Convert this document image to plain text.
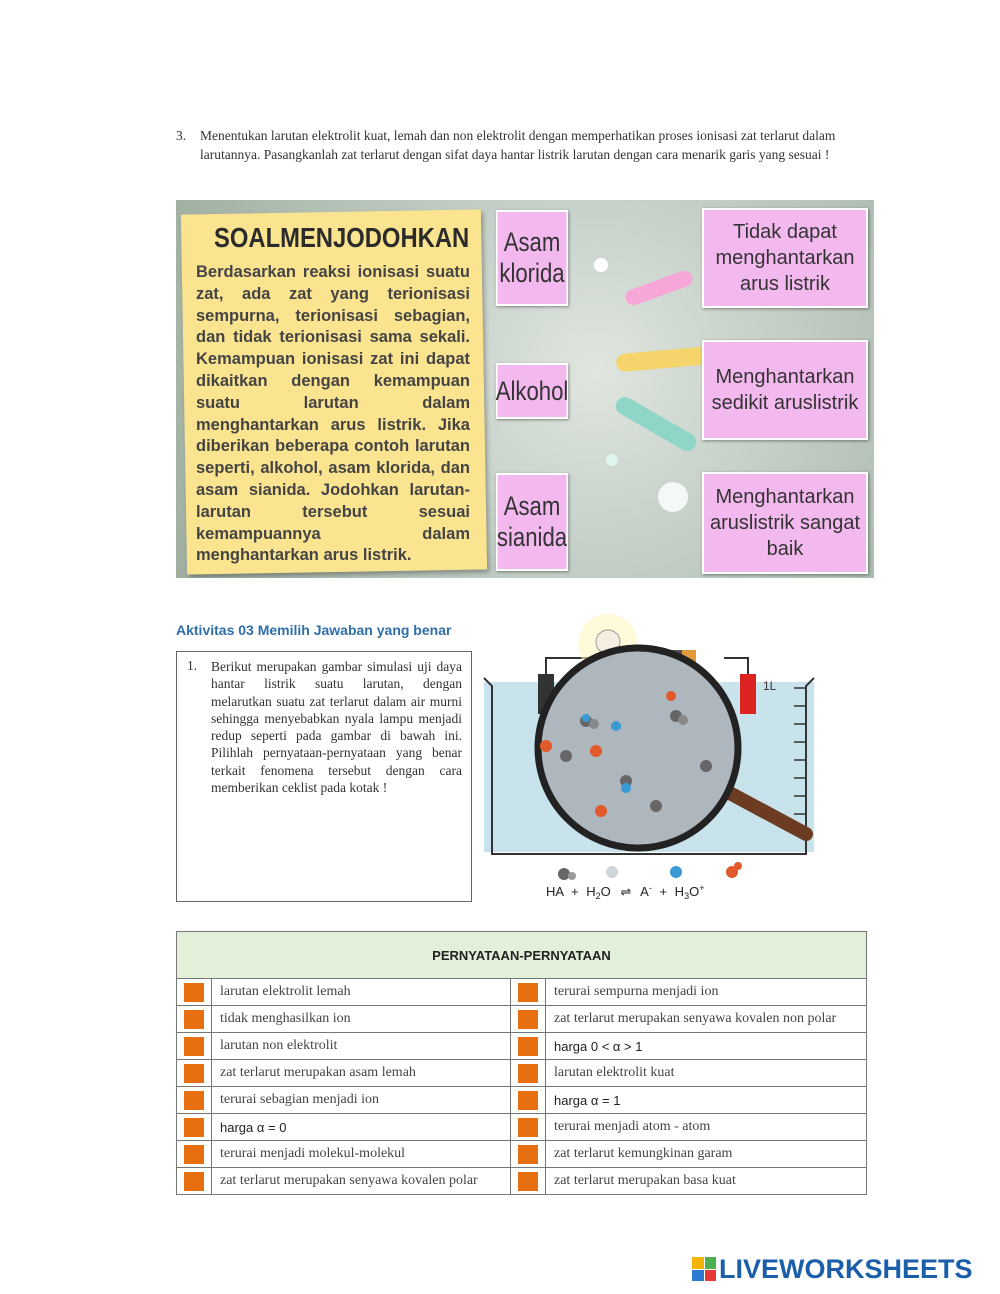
3. Menentukan larutan elektrolit kuat, lemah dan non elektrolit dengan memperhatikan proses ionisasi zat terlarut dalam larutannya. Pasangkanlah zat terlarut dengan sifat daya hantar listrik larutan dengan cara menarik garis yang sesuai !
SOALMENJODOHKAN
Berdasarkan reaksi ionisasi suatu zat, ada zat yang terionisasi sempurna, terionisasi sebagian, dan tidak terionisasi sama sekali. Kemampuan ionisasi zat ini dapat dikaitkan dengan kemampuan suatu larutan dalam menghantarkan arus listrik. Jika diberikan beberapa contoh larutan seperti, alkohol, asam klorida, dan asam sianida. Jodohkan larutan-larutan tersebut sesuai kemampuannya dalam menghantarkan arus listrik.
Asam klorida
Alkohol
Asam sianida
Tidak dapat menghantarkan arus listrik
Menghantarkan sedikit aruslistrik
Menghantarkan aruslistrik sangat baik
Aktivitas 03 Memilih Jawaban yang benar
1. Berikut merupakan gambar simulasi uji daya hantar listrik suatu larutan, dengan melarutkan suatu zat terlarut dalam air murni sehingga menyebabkan nyala lampu menjadi redup seperti pada gambar di bawah ini. Pilihlah pernyataan-pernyataan yang benar terkait fenomena tersebut dengan cara memberikan ceklist pada kotak !
1L
HA + $H_2O$ ⇌ $A^- + H_3O^+$
PERNYATAAN-PERNYATAAN			
	larutan elektrolit lemah		terurai sempurna menjadi ion
	tidak menghasilkan ion		zat terlarut merupakan senyawa kovalen non polar
	larutan non elektrolit		harga 0 < α > 1
	zat terlarut merupakan asam lemah		larutan elektrolit kuat
	terurai sebagian menjadi ion		harga α = 1
	harga α = 0		terurai menjadi atom - atom
	terurai menjadi molekul-molekul		zat terlarut kemungkinan garam
	zat terlarut merupakan senyawa kovalen polar		zat terlarut merupakan basa kuat
LIVEWORKSHEETS
